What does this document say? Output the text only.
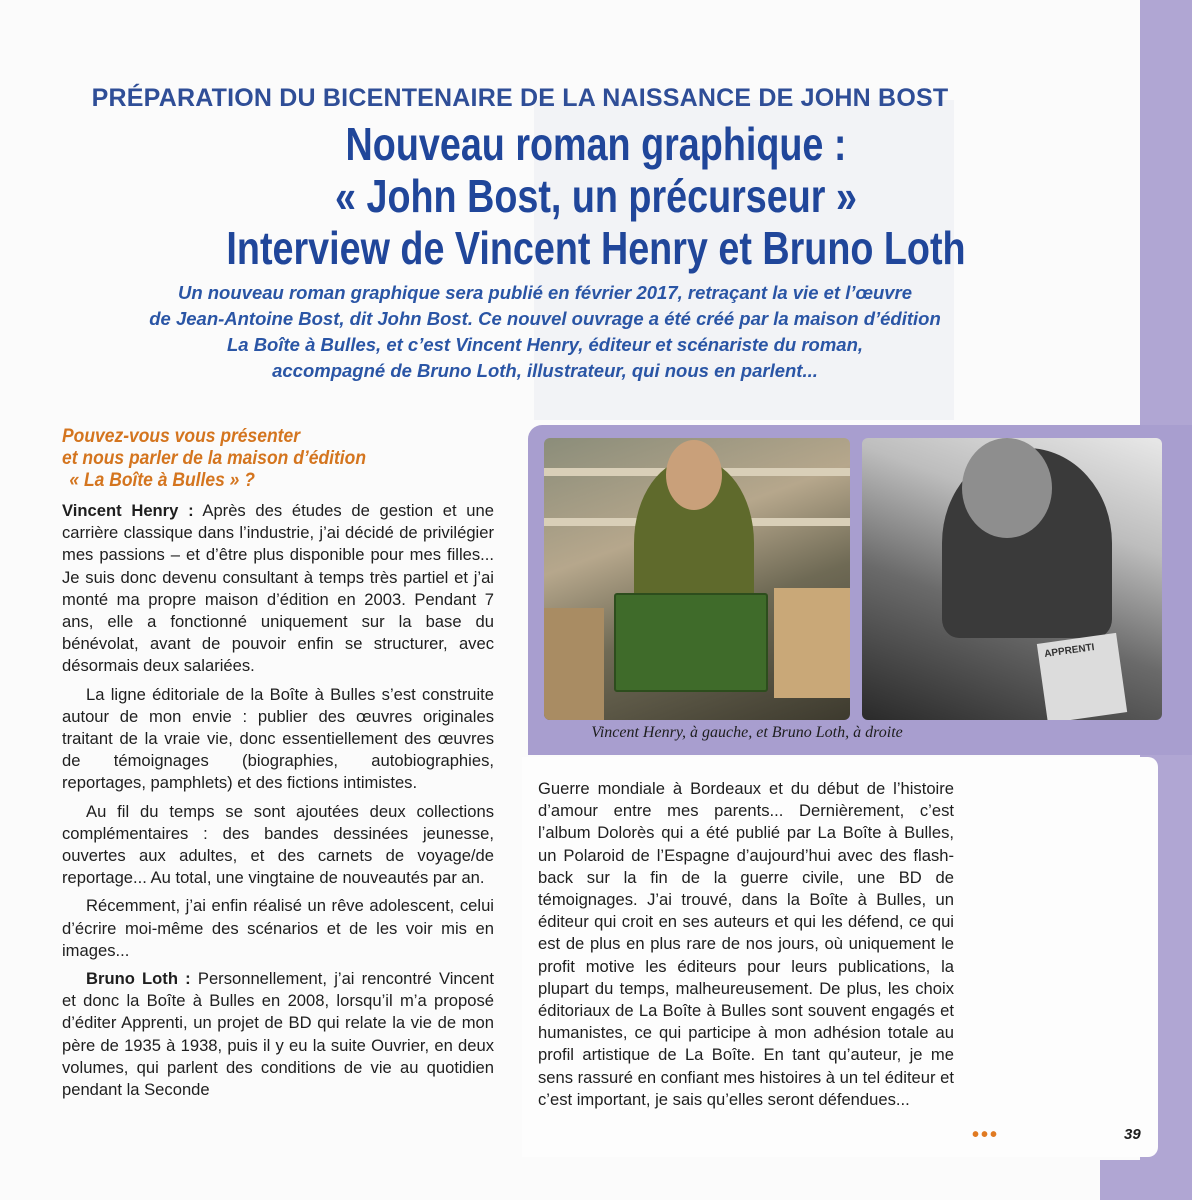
PRÉPARATION DU BICENTENAIRE DE LA NAISSANCE DE JOHN BOST
Nouveau roman graphique :
« John Bost, un précurseur »
Interview de Vincent Henry et Bruno Loth
Un nouveau roman graphique sera publié en février 2017, retraçant la vie et l’œuvre
de Jean-Antoine Bost, dit John Bost. Ce nouvel ouvrage a été créé par la maison d’édition
La Boîte à Bulles, et c’est Vincent Henry, éditeur et scénariste du roman,
accompagné de Bruno Loth, illustrateur, qui nous en parlent...
Pouvez-vous vous présenter
et nous parler de la maison d’édition
« La Boîte à Bulles » ?

Vincent Henry : Après des études de gestion et une carrière classique dans l’industrie, j’ai décidé de privilégier mes passions – et d’être plus disponible pour mes filles... Je suis donc devenu consultant à temps très partiel et j’ai monté ma propre maison d’édition en 2003. Pendant 7 ans, elle a fonctionné uniquement sur la base du bénévolat, avant de pouvoir enfin se structurer, avec désormais deux salariées.

La ligne éditoriale de la Boîte à Bulles s’est construite autour de mon envie : publier des œuvres originales traitant de la vraie vie, donc essentiellement des œuvres de témoignages (biographies, autobiographies, reportages, pamphlets) et des fictions intimistes.

Au fil du temps se sont ajoutées deux collections complémentaires : des bandes dessinées jeunesse, ouvertes aux adultes, et des carnets de voyage/de reportage... Au total, une vingtaine de nouveautés par an.

Récemment, j’ai enfin réalisé un rêve adolescent, celui d’écrire moi-même des scénarios et de les voir mis en images...

Bruno Loth : Personnellement, j’ai rencontré Vincent et donc la Boîte à Bulles en 2008, lorsqu’il m’a proposé d’éditer Apprenti, un projet de BD qui relate la vie de mon père de 1935 à 1938, puis il y eu la suite Ouvrier, en deux volumes, qui parlent des conditions de vie au quotidien pendant la Seconde

APPRENTI
Vincent Henry, à gauche, et Bruno Loth, à droite

Guerre mondiale à Bordeaux et du début de l’histoire d’amour entre mes parents... Dernièrement, c’est l’album Dolorès qui a été publié par La Boîte à Bulles, un Polaroid de l’Espagne d’aujourd’hui avec des flash-back sur la fin de la guerre civile, une BD de témoignages. J’ai trouvé, dans la Boîte à Bulles, un éditeur qui croit en ses auteurs et qui les défend, ce qui est de plus en plus rare de nos jours, où uniquement le profit motive les éditeurs pour leurs publications, la plupart du temps, malheureusement. De plus, les choix éditoriaux de La Boîte à Bulles sont souvent engagés et humanistes, ce qui participe à mon adhésion totale au profil artistique de La Boîte. En tant qu’auteur, je me sens rassuré en confiant mes histoires à un tel éditeur et c’est important, je sais qu’elles seront défendues...

•••	39
